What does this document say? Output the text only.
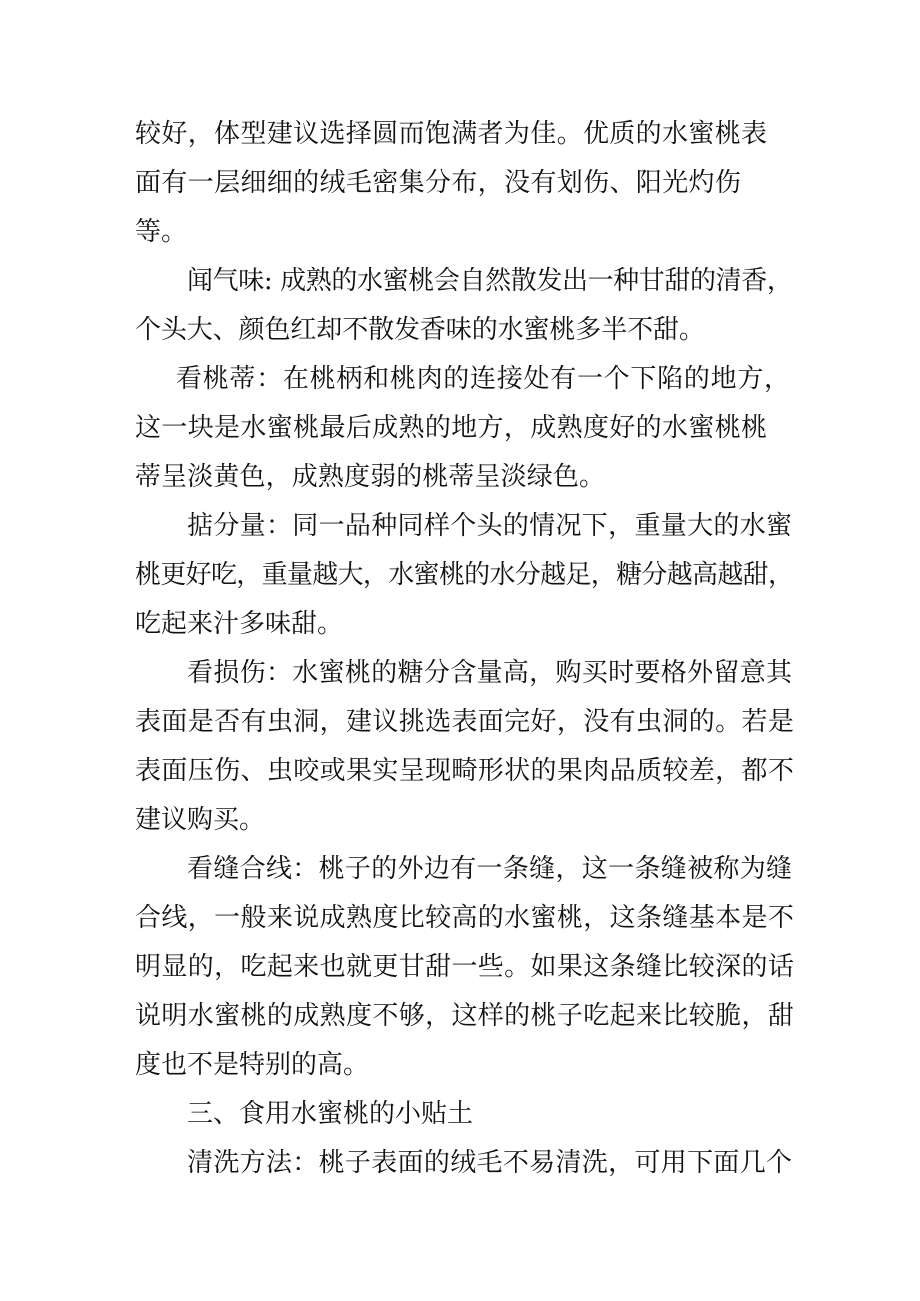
较好，体型建议选择圆而饱满者为佳。优质的水蜜桃表

面有一层细细的绒毛密集分布，没有划伤、阳光灼伤

等。

闻气味: 成熟的水蜜桃会自然散发出一种甘甜的清香，

个头大、颜色红却不散发香味的水蜜桃多半不甜。

看桃蒂：在桃柄和桃肉的连接处有一个下陷的地方，

这一块是水蜜桃最后成熟的地方，成熟度好的水蜜桃桃

蒂呈淡黄色，成熟度弱的桃蒂呈淡绿色。

掂分量：同一品种同样个头的情况下，重量大的水蜜

桃更好吃，重量越大，水蜜桃的水分越足，糖分越高越甜，

吃起来汁多味甜。

看损伤：水蜜桃的糖分含量高，购买时要格外留意其

表面是否有虫洞，建议挑选表面完好，没有虫洞的。若是

表面压伤、虫咬或果实呈现畸形状的果肉品质较差，都不

建议购买。

看缝合线：桃子的外边有一条缝，这一条缝被称为缝

合线，一般来说成熟度比较高的水蜜桃，这条缝基本是不

明显的，吃起来也就更甘甜一些。如果这条缝比较深的话

说明水蜜桃的成熟度不够，这样的桃子吃起来比较脆，甜

度也不是特别的高。

三、食用水蜜桃的小贴土

清洗方法：桃子表面的绒毛不易清洗，可用下面几个
